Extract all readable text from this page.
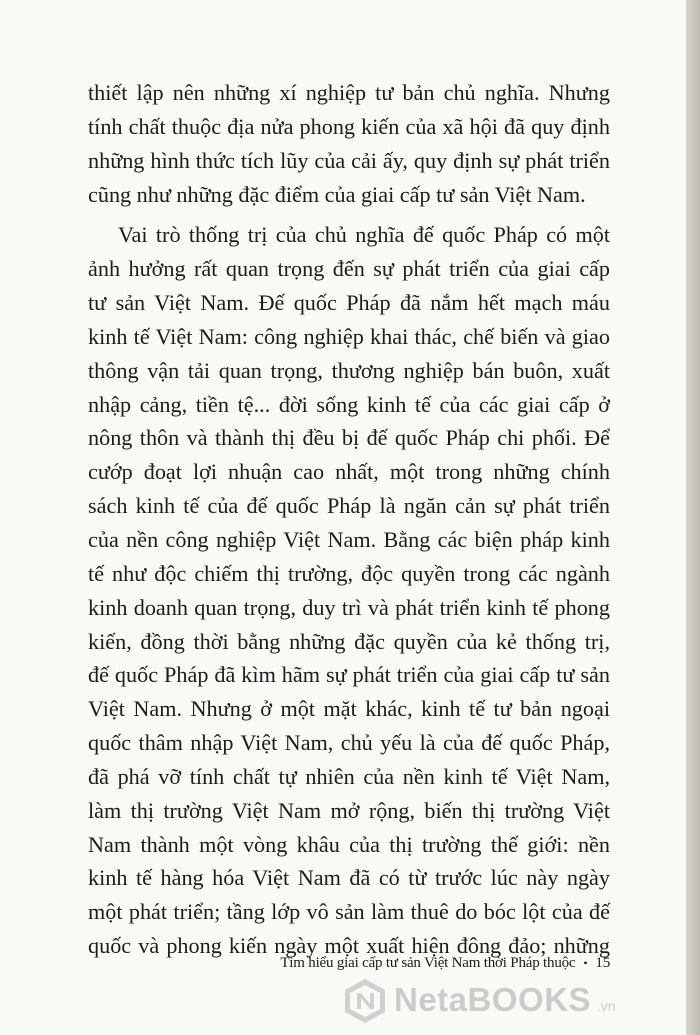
thiết lập nên những xí nghiệp tư bản chủ nghĩa. Nhưng
tính chất thuộc địa nửa phong kiến của xã hội đã quy định
những hình thức tích lũy của cải ấy, quy định sự phát triển
cũng như những đặc điểm của giai cấp tư sản Việt Nam.
Vai trò thống trị của chủ nghĩa đế quốc Pháp có một
ảnh hưởng rất quan trọng đến sự phát triển của giai cấp
tư sản Việt Nam. Đế quốc Pháp đã nắm hết mạch máu
kinh tế Việt Nam: công nghiệp khai thác, chế biến và giao
thông vận tải quan trọng, thương nghiệp bán buôn, xuất
nhập cảng, tiền tệ... đời sống kinh tế của các giai cấp ở
nông thôn và thành thị đều bị đế quốc Pháp chi phối. Để
cướp đoạt lợi nhuận cao nhất, một trong những chính
sách kinh tế của đế quốc Pháp là ngăn cản sự phát triển
của nền công nghiệp Việt Nam. Bằng các biện pháp kinh
tế như độc chiếm thị trường, độc quyền trong các ngành
kinh doanh quan trọng, duy trì và phát triển kinh tế phong
kiến, đồng thời bằng những đặc quyền của kẻ thống trị,
đế quốc Pháp đã kìm hãm sự phát triển của giai cấp tư sản
Việt Nam. Nhưng ở một mặt khác, kinh tế tư bản ngoại
quốc thâm nhập Việt Nam, chủ yếu là của đế quốc Pháp,
đã phá vỡ tính chất tự nhiên của nền kinh tế Việt Nam,
làm thị trường Việt Nam mở rộng, biến thị trường Việt
Nam thành một vòng khâu của thị trường thế giới: nền
kinh tế hàng hóa Việt Nam đã có từ trước lúc này ngày
một phát triển; tầng lớp vô sản làm thuê do bóc lột của đế
quốc và phong kiến ngày một xuất hiện đông đảo; những
Tìm hiểu giai cấp tư sản Việt Nam thời Pháp thuộc • 15
NetaBOOKS .vn
